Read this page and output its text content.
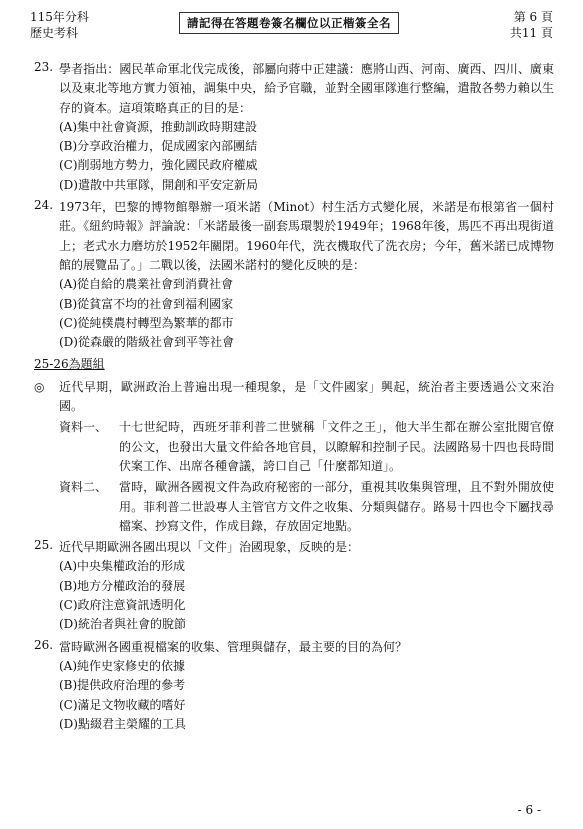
115年分科
歷史考科
請記得在答題卷簽名欄位以正楷簽全名	第 6 頁
共11 頁
23. 學者指出：國民革命軍北伐完成後，部屬向蔣中正建議：應將山西、河南、廣西、四川、廣東以及東北等地方實力領袖，調集中央，給予官職，並對全國軍隊進行整編，遣散各勢力賴以生存的資本。這項策略真正的目的是：
(A)集中社會資源，推動訓政時期建設
(B)分享政治權力，促成國家內部團結
(C)削弱地方勢力，強化國民政府權威
(D)遣散中共軍隊，開創和平安定新局
24. 1973年，巴黎的博物館舉辦一項米諾（Minot）村生活方式變化展，米諾是布根第省一個村莊。《紐約時報》評論說：「米諾最後一副套馬環製於1949年；1968年後，馬匹不再出現街道上；老式水力磨坊於1952年關閉。1960年代，洗衣機取代了洗衣房；今年，舊米諾已成博物館的展覽品了。」二戰以後，法國米諾村的變化反映的是：
(A)從自給的農業社會到消費社會
(B)從貧富不均的社會到福利國家
(C)從純樸農村轉型為繁華的都市
(D)從森嚴的階級社會到平等社會
25-26為題組
◎ 近代早期，歐洲政治上普遍出現一種現象，是「文件國家」興起，統治者主要透過公文來治國。
資料一、 十七世紀時，西班牙菲利普二世號稱「文件之王」，他大半生都在辦公室批閱官僚的公文，也發出大量文件給各地官員，以瞭解和控制子民。法國路易十四也長時間伏案工作、出席各種會議，誇口自己「什麼都知道」。
資料二、 當時，歐洲各國視文件為政府秘密的一部分，重視其收集與管理，且不對外開放使用。菲利普二世設專人主管官方文件之收集、分類與儲存。路易十四也令下屬找尋檔案、抄寫文件，作成目錄，存放固定地點。
25. 近代早期歐洲各國出現以「文件」治國現象，反映的是：
(A)中央集權政治的形成
(B)地方分權政治的發展
(C)政府注意資訊透明化
(D)統治者與社會的脫節
26. 當時歐洲各國重視檔案的收集、管理與儲存，最主要的目的為何？
(A)純作史家修史的依據
(B)提供政府治理的參考
(C)滿足文物收藏的嗜好
(D)點綴君主榮耀的工具
- 6 -
